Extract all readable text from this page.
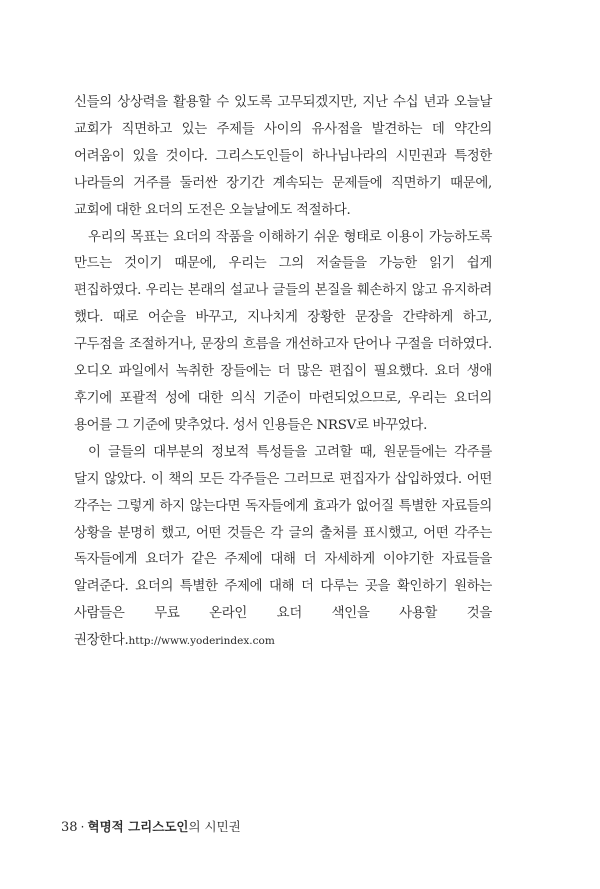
신들의 상상력을 활용할 수 있도록 고무되겠지만, 지난 수십 년과 오늘날 교회가 직면하고 있는 주제들 사이의 유사점을 발견하는 데 약간의 어려움이 있을 것이다. 그리스도인들이 하나님나라의 시민권과 특정한 나라들의 거주를 둘러싼 장기간 계속되는 문제들에 직면하기 때문에, 교회에 대한 요더의 도전은 오늘날에도 적절하다.

우리의 목표는 요더의 작품을 이해하기 쉬운 형태로 이용이 가능하도록 만드는 것이기 때문에, 우리는 그의 저술들을 가능한 읽기 쉽게 편집하였다. 우리는 본래의 설교나 글들의 본질을 훼손하지 않고 유지하려 했다. 때로 어순을 바꾸고, 지나치게 장황한 문장을 간략하게 하고, 구두점을 조절하거나, 문장의 흐름을 개선하고자 단어나 구절을 더하였다. 오디오 파일에서 녹취한 장들에는 더 많은 편집이 필요했다. 요더 생애 후기에 포괄적 성에 대한 의식 기준이 마련되었으므로, 우리는 요더의 용어를 그 기준에 맞추었다. 성서 인용들은 NRSV로 바꾸었다.

이 글들의 대부분의 정보적 특성들을 고려할 때, 원문들에는 각주를 달지 않았다. 이 책의 모든 각주들은 그러므로 편집자가 삽입하였다. 어떤 각주는 그렇게 하지 않는다면 독자들에게 효과가 없어질 특별한 자료들의 상황을 분명히 했고, 어떤 것들은 각 글의 출처를 표시했고, 어떤 각주는 독자들에게 요더가 같은 주제에 대해 더 자세하게 이야기한 자료들을 알려준다. 요더의 특별한 주제에 대해 더 다루는 곳을 확인하기 원하는 사람들은 무료 온라인 요더 색인을 사용할 것을 권장한다.http://www.yoderindex.com

38 · 혁명적 그리스도인의 시민권
